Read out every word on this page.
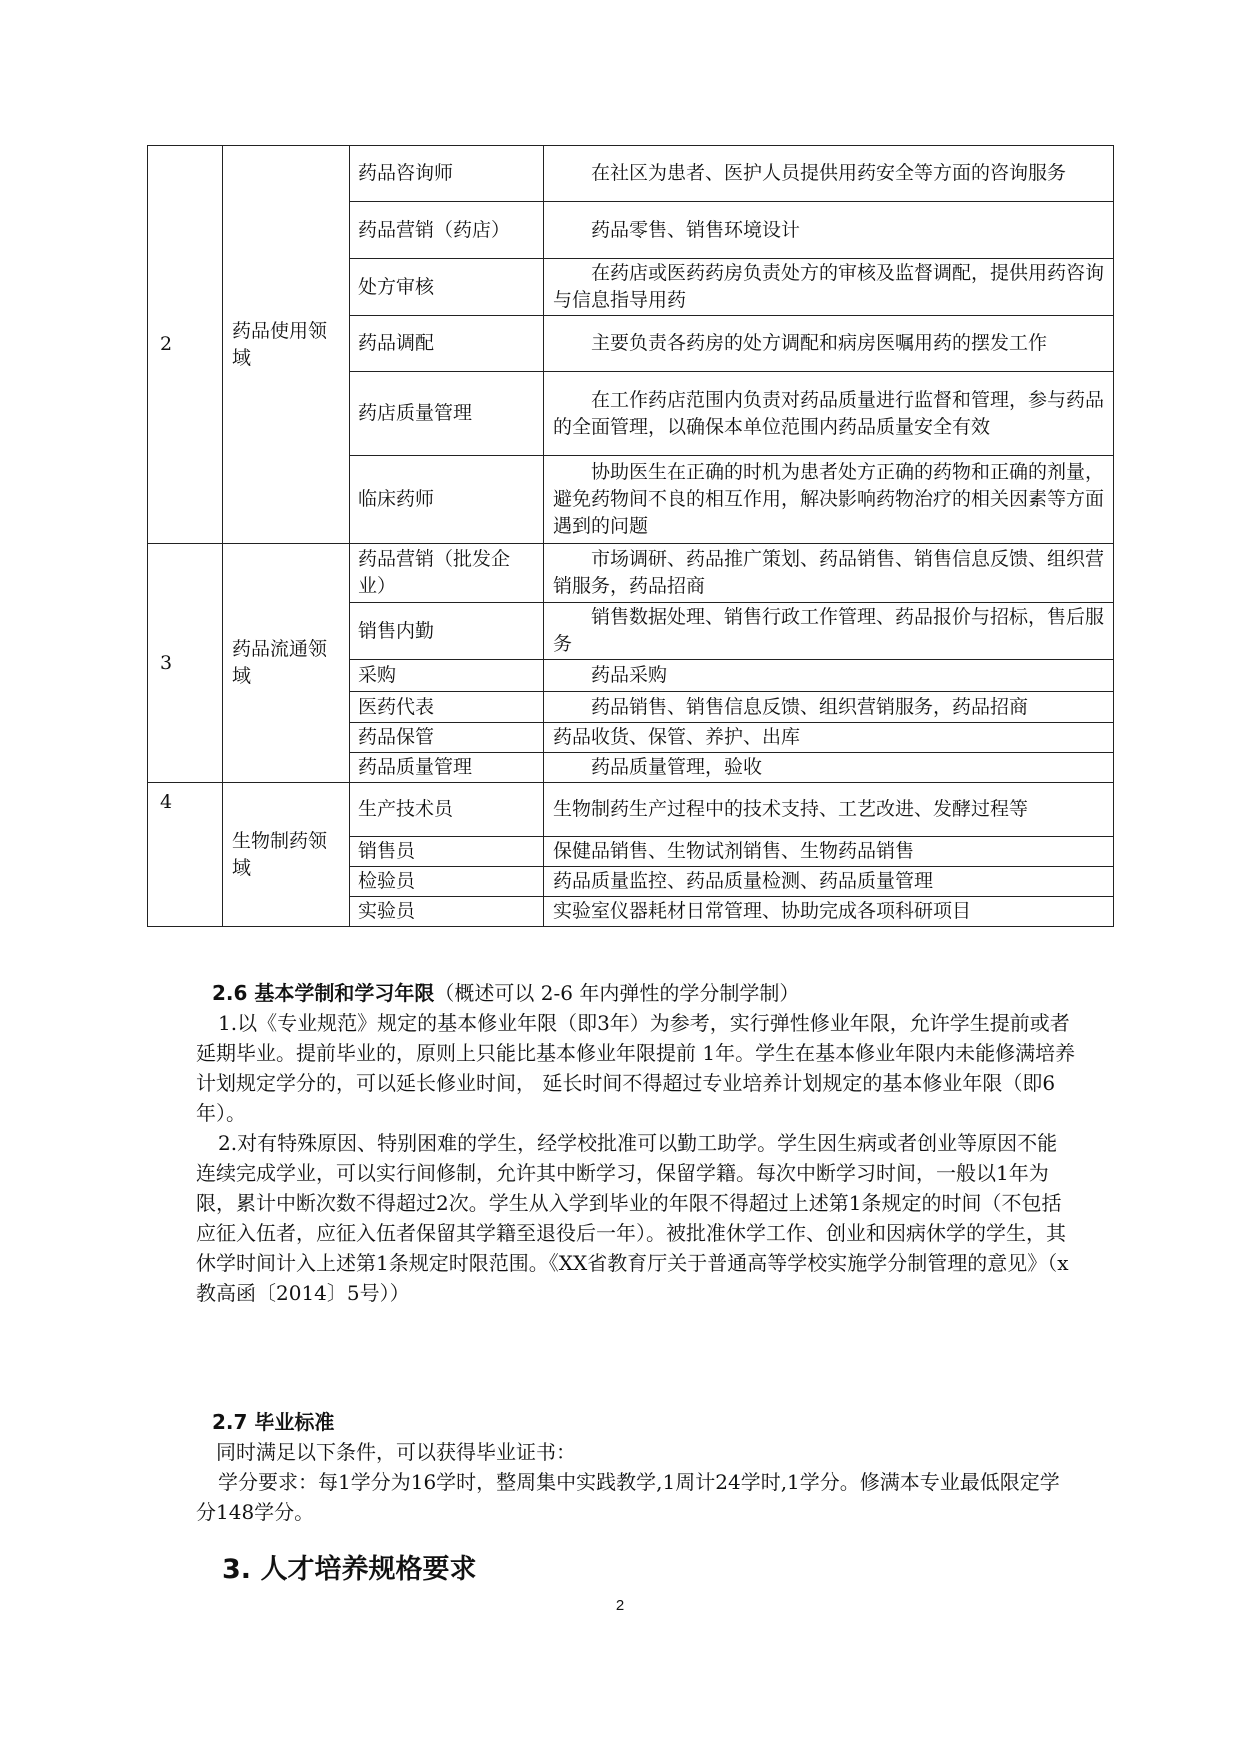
2	药品使用领域	药品咨询师	在社区为患者、医护人员提供用药安全等方面的咨询服务
		药品营销（药店）	药品零售、销售环境设计
		处方审核	在药店或医药药房负责处方的审核及监督调配，提供用药咨询与信息指导用药
		药品调配	主要负责各药房的处方调配和病房医嘱用药的摆发工作
		药店质量管理	在工作药店范围内负责对药品质量进行监督和管理，参与药品的全面管理，以确保本单位范围内药品质量安全有效
		临床药师	协助医生在正确的时机为患者处方正确的药物和正确的剂量，避免药物间不良的相互作用，解决影响药物治疗的相关因素等方面遇到的问题
3	药品流通领域	药品营销（批发企业）	市场调研、药品推广策划、药品销售、销售信息反馈、组织营销服务，药品招商
		销售内勤	销售数据处理、销售行政工作管理、药品报价与招标，售后服务
		采购	药品采购
		医药代表	药品销售、销售信息反馈、组织营销服务，药品招商
		药品保管	药品收货、保管、养护、出库
		药品质量管理	药品质量管理，验收
4	生物制药领域	生产技术员	生物制药生产过程中的技术支持、工艺改进、发酵过程等
		销售员	保健品销售、生物试剂销售、生物药品销售
		检验员	药品质量监控、药品质量检测、药品质量管理
		实验员	实验室仪器耗材日常管理、协助完成各项科研项目
2.6 基本学制和学习年限（概述可以 2-6 年内弹性的学分制学制）

1.以《专业规范》规定的基本修业年限（即3年）为参考，实行弹性修业年限，允许学生提前或者延期毕业。提前毕业的，原则上只能比基本修业年限提前 1年。学生在基本修业年限内未能修满培养计划规定学分的，可以延长修业时间， 延长时间不得超过专业培养计划规定的基本修业年限（即6年）。

2.对有特殊原因、特别困难的学生，经学校批准可以勤工助学。学生因生病或者创业等原因不能连续完成学业，可以实行间修制，允许其中断学习，保留学籍。每次中断学习时间，一般以1年为限，累计中断次数不得超过2次。学生从入学到毕业的年限不得超过上述第1条规定的时间（不包括应征入伍者，应征入伍者保留其学籍至退役后一年）。被批准休学工作、创业和因病休学的学生，其休学时间计入上述第1条规定时限范围。《XX省教育厅关于普通高等学校实施学分制管理的意见》（x教高函〔2014〕5号））

2.7 毕业标准

同时满足以下条件，可以获得毕业证书：

学分要求：每1学分为16学时，整周集中实践教学,1周计24学时,1学分。修满本专业最低限定学分148学分。

3. 人才培养规格要求
2
